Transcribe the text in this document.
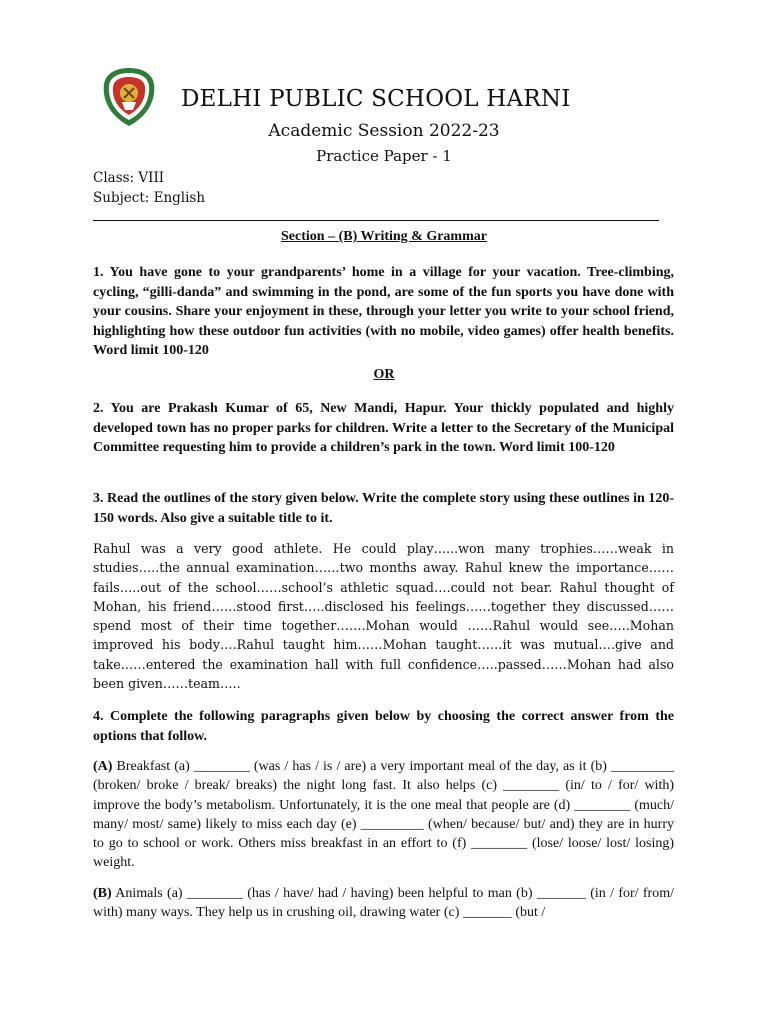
DELHI PUBLIC SCHOOL HARNI
Academic Session 2022-23
Practice Paper - 1
Class: VIII
Subject: English
Section – (B) Writing & Grammar

1. You have gone to your grandparents’ home in a village for your vacation. Tree-climbing, cycling, “gilli-danda” and swimming in the pond, are some of the fun sports you have done with your cousins. Share your enjoyment in these, through your letter you write to your school friend, highlighting how these outdoor fun activities (with no mobile, video games) offer health benefits. Word limit 100-120

OR

2. You are Prakash Kumar of 65, New Mandi, Hapur. Your thickly populated and highly developed town has no proper parks for children. Write a letter to the Secretary of the Municipal Committee requesting him to provide a children’s park in the town. Word limit 100-120

3. Read the outlines of the story given below. Write the complete story using these outlines in 120-150 words. Also give a suitable title to it.

Rahul was a very good athlete. He could play…...won many trophies……weak in studies…..the annual examination……two months away. Rahul knew the importance……fails…..out of the school……school’s athletic squad….could not bear. Rahul thought of Mohan, his friend……stood first…..disclosed his feelings……together they discussed……spend most of their time together…….Mohan would ……Rahul would see…..Mohan improved his body….Rahul taught him……Mohan taught……it was mutual….give and take……entered the examination hall with full confidence…..passed……Mohan had also been given……team…..

4. Complete the following paragraphs given below by choosing the correct answer from the options that follow.

(A) Breakfast (a) ________ (was / has / is / are) a very important meal of the day, as it (b) _________ (broken/ broke / break/ breaks) the night long fast. It also helps (c) ________ (in/ to / for/ with) improve the body’s metabolism. Unfortunately, it is the one meal that people are (d) ________ (much/ many/ most/ same) likely to miss each day (e) _________ (when/ because/ but/ and) they are in hurry to go to school or work. Others miss breakfast in an effort to (f) ________ (lose/ loose/ lost/ losing) weight.

(B) Animals (a) ________ (has / have/ had / having) been helpful to man (b) _______ (in / for/ from/ with) many ways. They help us in crushing oil, drawing water (c) _______ (but /
